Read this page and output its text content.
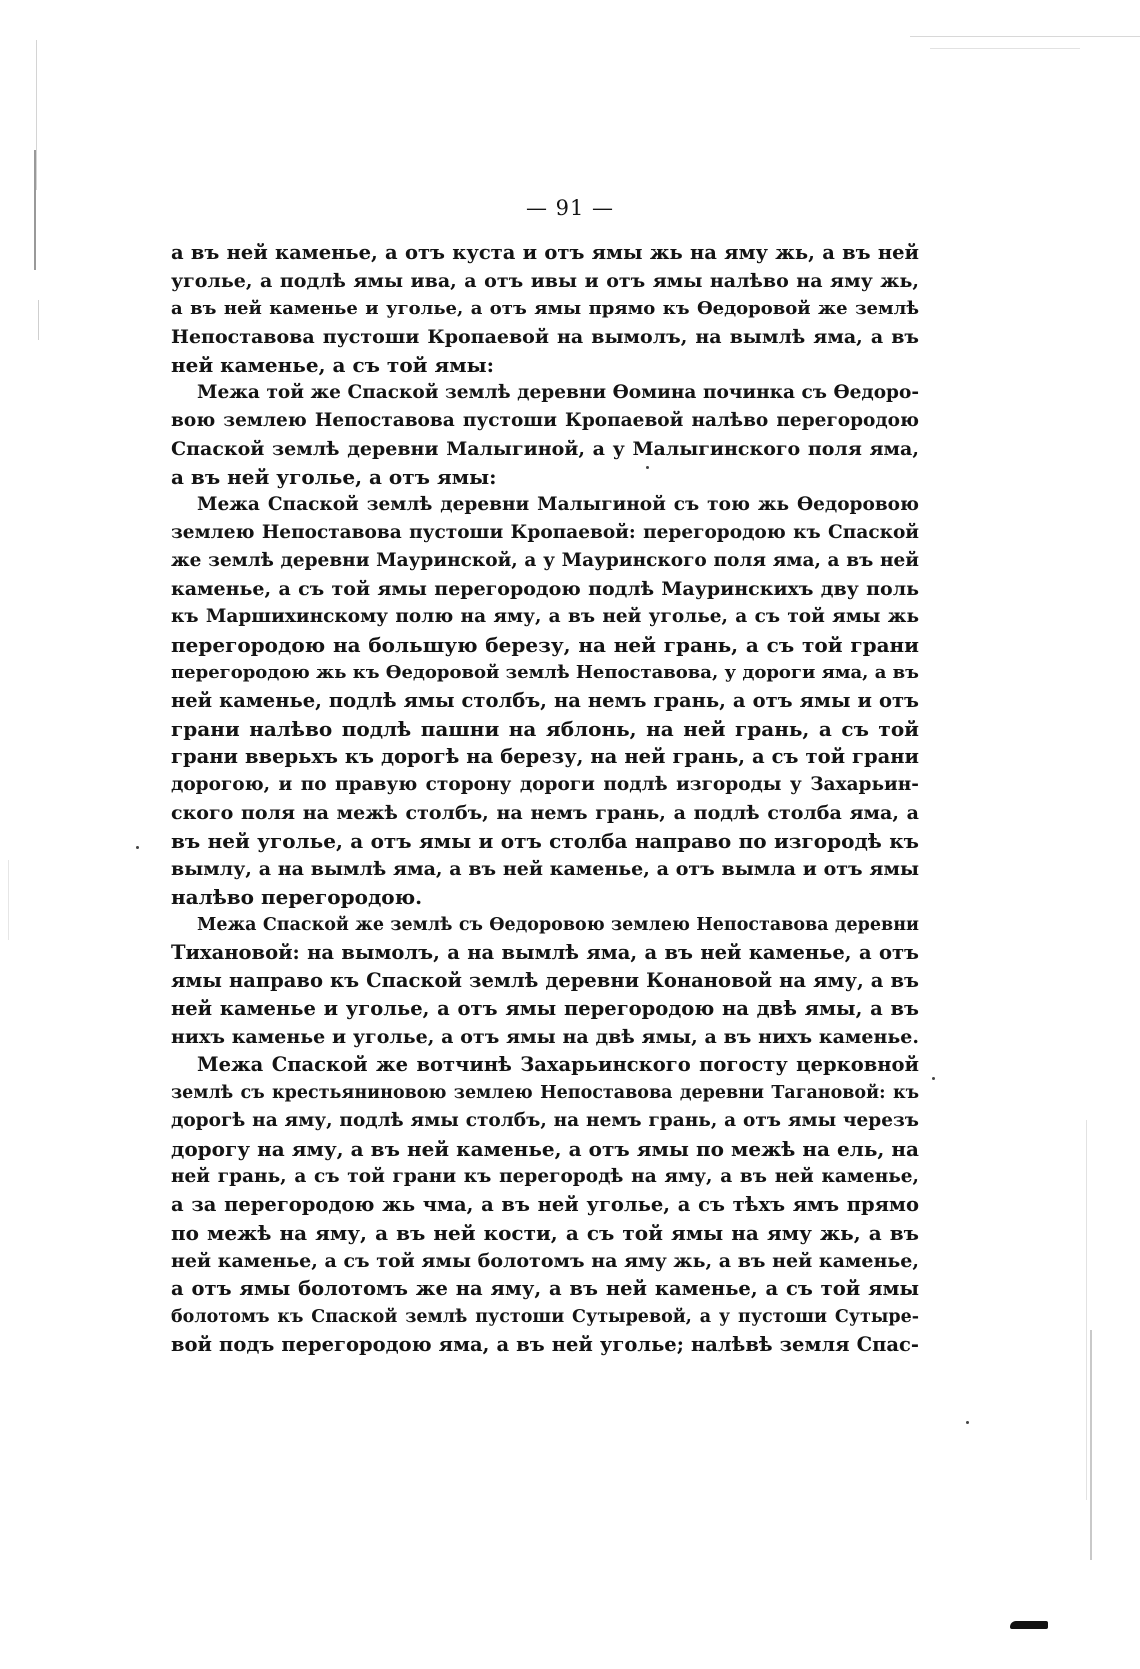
— 91 —
а въ ней каменье, а отъ куста и отъ ямы жь на яму жь, а въ ней
уголье, а подлѣ ямы ива, а отъ ивы и отъ ямы налѣво на яму жь,
а въ ней каменье и уголье, а отъ ямы прямо къ Ѳедоровой же землѣ
Непоставова пустоши Кропаевой на вымолъ, на вымлѣ яма, а въ
ней каменье, а съ той ямы:
Межа той же Спаской землѣ деревни Ѳомина починка съ Ѳедоро-
вою землею Непоставова пустоши Кропаевой налѣво перегородою
Спаской землѣ деревни Малыгиной, а у Малыгинского поля яма,
а въ ней уголье, а отъ ямы:
Межа Спаской землѣ деревни Малыгиной съ тою жь Ѳедоровою
землею Непоставова пустоши Кропаевой: перегородою къ Спаской
же землѣ деревни Мауринской, а у Мауринского поля яма, а въ ней
каменье, а съ той ямы перегородою подлѣ Мауринскихъ дву поль
къ Маршихинскому полю на яму, а въ ней уголье, а съ той ямы жь
перегородою на большую березу, на ней грань, а съ той грани
перегородою жь къ Ѳедоровой землѣ Непоставова, у дороги яма, а въ
ней каменье, подлѣ ямы столбъ, на немъ грань, а отъ ямы и отъ
грани налѣво подлѣ пашни на яблонь, на ней грань, а съ той
грани вверьхъ къ дорогѣ на березу, на ней грань, а съ той грани
дорогою, и по правую сторону дороги подлѣ изгороды у Захарьин-
ского поля на межѣ столбъ, на немъ грань, а подлѣ столба яма, а
въ ней уголье, а отъ ямы и отъ столба направо по изгородѣ къ
вымлу, а на вымлѣ яма, а въ ней каменье, а отъ вымла и отъ ямы
налѣво перегородою.
Межа Спаской же землѣ съ Ѳедоровою землею Непоставова деревни
Тихановой: на вымолъ, а на вымлѣ яма, а въ ней каменье, а отъ
ямы направо къ Спаской землѣ деревни Конановой на яму, а въ
ней каменье и уголье, а отъ ямы перегородою на двѣ ямы, а въ
нихъ каменье и уголье, а отъ ямы на двѣ ямы, а въ нихъ каменье.
Межа Спаской же вотчинѣ Захарьинского погосту церковной
землѣ съ крестьяниновою землею Непоставова деревни Тагановой: къ
дорогѣ на яму, подлѣ ямы столбъ, на немъ грань, а отъ ямы черезъ
дорогу на яму, а въ ней каменье, а отъ ямы по межѣ на ель, на
ней грань, а съ той грани къ перегородѣ на яму, а въ ней каменье,
а за перегородою жь чма, а въ ней уголье, а съ тѣхъ ямъ прямо
по межѣ на яму, а въ ней кости, а съ той ямы на яму жь, а въ
ней каменье, а съ той ямы болотомъ на яму жь, а въ ней каменье,
а отъ ямы болотомъ же на яму, а въ ней каменье, а съ той ямы
болотомъ къ Спаской землѣ пустоши Сутыревой, а у пустоши Сутыре-
вой подъ перегородою яма, а въ ней уголье; налѣвѣ земля Спас-
